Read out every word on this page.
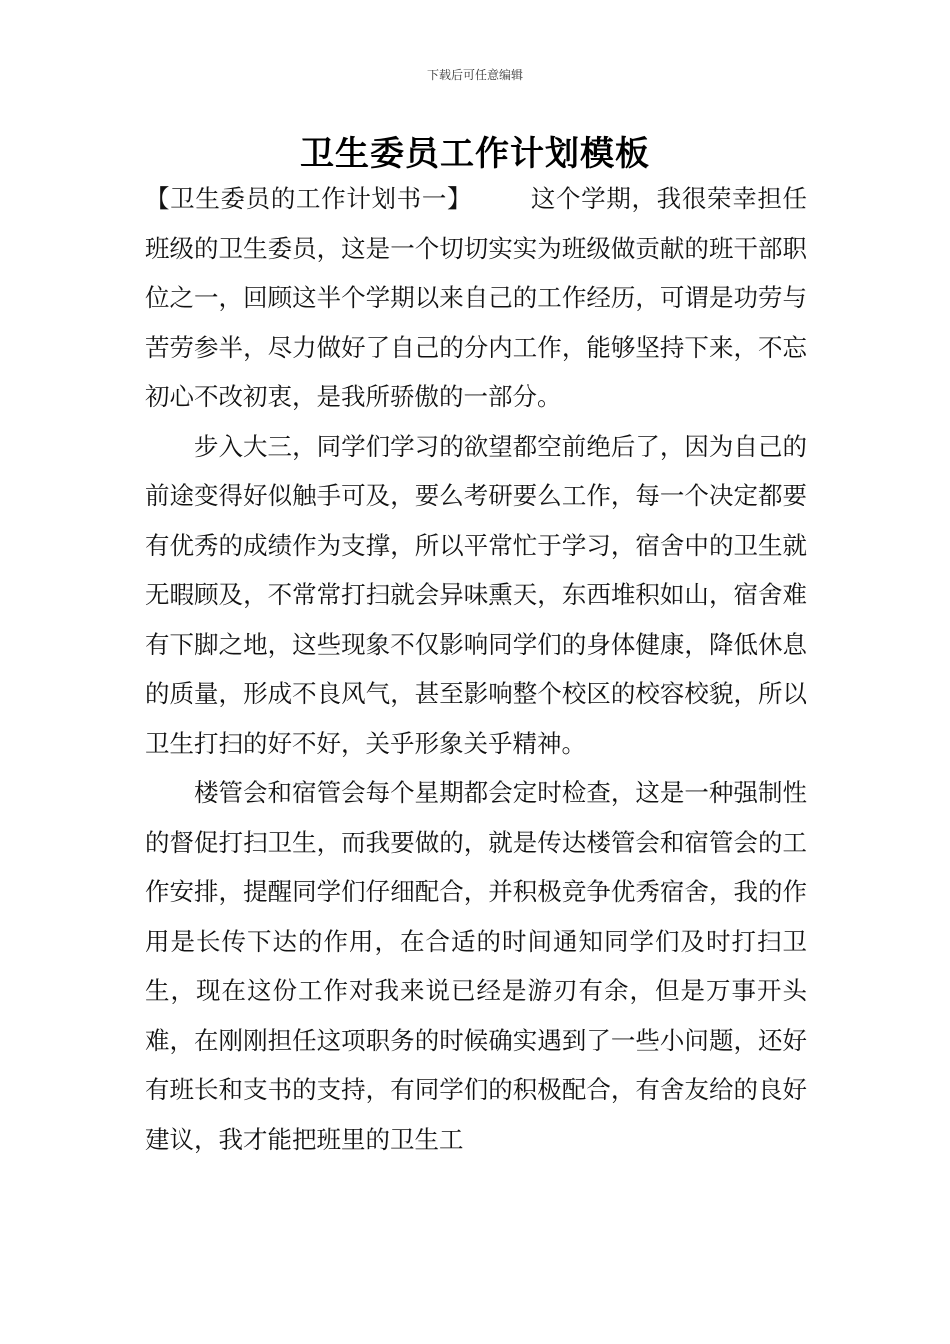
下载后可任意编辑
卫生委员工作计划模板

【卫生委员的工作计划书一】 这个学期，我很荣幸担任班级的卫生委员，这是一个切切实实为班级做贡献的班干部职位之一，回顾这半个学期以来自己的工作经历，可谓是功劳与苦劳参半，尽力做好了自己的分内工作，能够坚持下来，不忘初心不改初衷，是我所骄傲的一部分。

步入大三，同学们学习的欲望都空前绝后了，因为自己的前途变得好似触手可及，要么考研要么工作，每一个决定都要有优秀的成绩作为支撑，所以平常忙于学习，宿舍中的卫生就无暇顾及，不常常打扫就会异味熏天，东西堆积如山，宿舍难有下脚之地，这些现象不仅影响同学们的身体健康，降低休息的质量，形成不良风气，甚至影响整个校区的校容校貌，所以卫生打扫的好不好，关乎形象关乎精神。

楼管会和宿管会每个星期都会定时检查，这是一种强制性的督促打扫卫生，而我要做的，就是传达楼管会和宿管会的工作安排，提醒同学们仔细配合，并积极竞争优秀宿舍，我的作用是长传下达的作用，在合适的时间通知同学们及时打扫卫生，现在这份工作对我来说已经是游刃有余，但是万事开头难，在刚刚担任这项职务的时候确实遇到了一些小问题，还好有班长和支书的支持，有同学们的积极配合，有舍友给的良好建议，我才能把班里的卫生工
